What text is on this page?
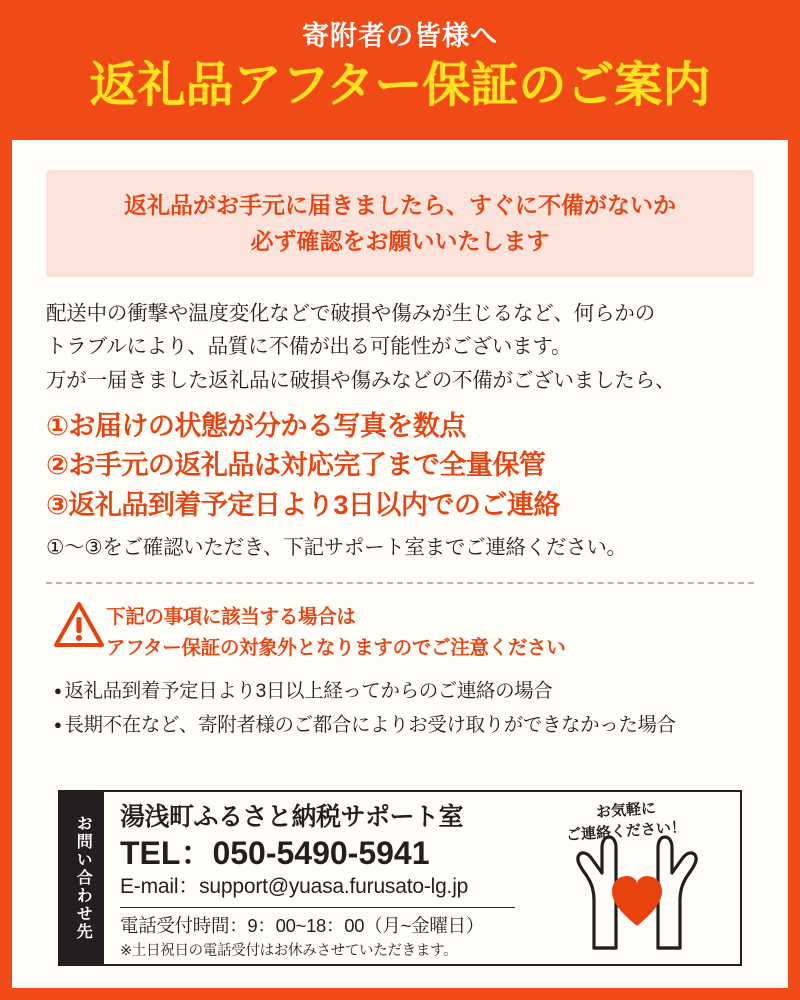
寄附者の皆様へ
返礼品アフター保証のご案内
返礼品がお手元に届きましたら、すぐに不備がないか
必ず確認をお願いいたします
配送中の衝撃や温度変化などで破損や傷みが生じるなど、何らかの
トラブルにより、品質に不備が出る可能性がございます。
万が一届きました返礼品に破損や傷みなどの不備がございましたら、
①お届けの状態が分かる写真を数点
②お手元の返礼品は対応完了まで全量保管
③返礼品到着予定日より3日以内でのご連絡
①〜③をご確認いただき、下記サポート室までご連絡ください。
下記の事項に該当する場合は
アフター保証の対象外となりますのでご注意ください
● 返礼品到着予定日より3日以上経ってからのご連絡の場合
● 長期不在など、寄附者様のご都合によりお受け取りができなかった場合
お問い合わせ先 湯浅町ふるさと納税サポート室
TEL：050-5490-5941
E-mail：support@yuasa.furusato-lg.jp
電話受付時間：9：00~18：00（月~金曜日）
※土日祝日の電話受付はお休みさせていただきます。
お気軽に
ご連絡ください！
